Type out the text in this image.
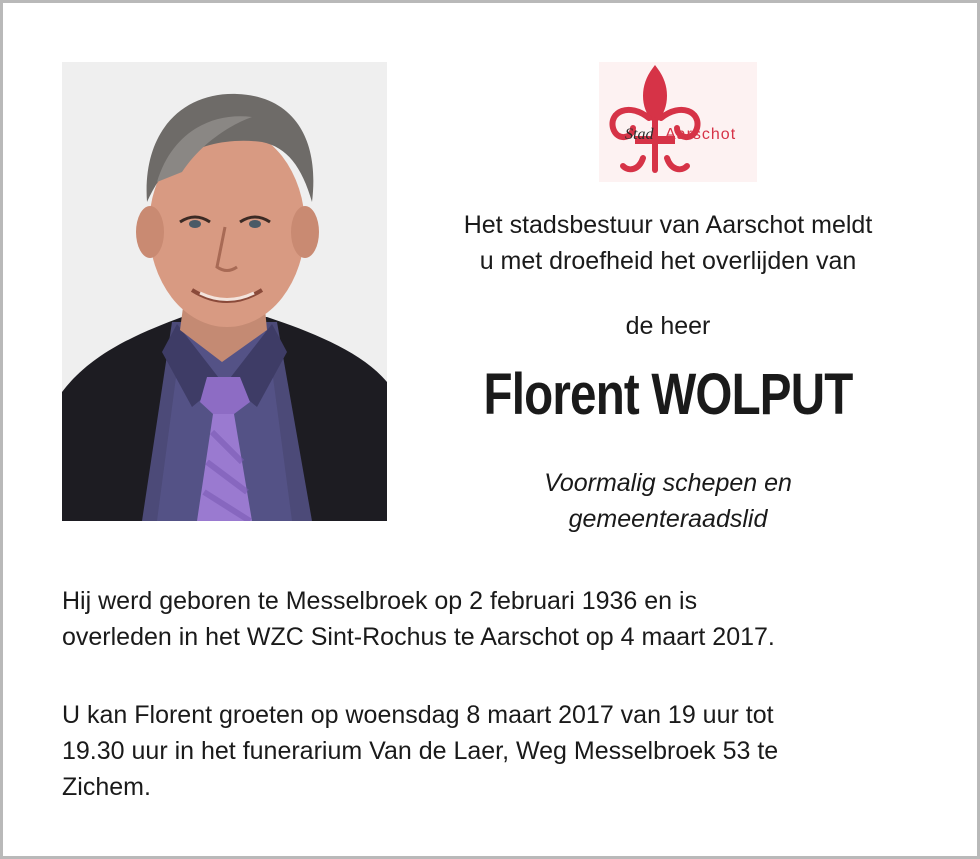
Stad Aarschot
Het stadsbestuur van Aarschot meldt
u met droefheid het overlijden van
de heer
Florent WOLPUT
Voormalig schepen en
gemeenteraadslid
Hij werd geboren te Messelbroek op 2 februari 1936 en is
overleden in het WZC Sint-Rochus te Aarschot op 4 maart 2017.
U kan Florent groeten op woensdag 8 maart 2017 van 19 uur tot
19.30 uur in het funerarium Van de Laer, Weg Messelbroek 53 te
Zichem.
